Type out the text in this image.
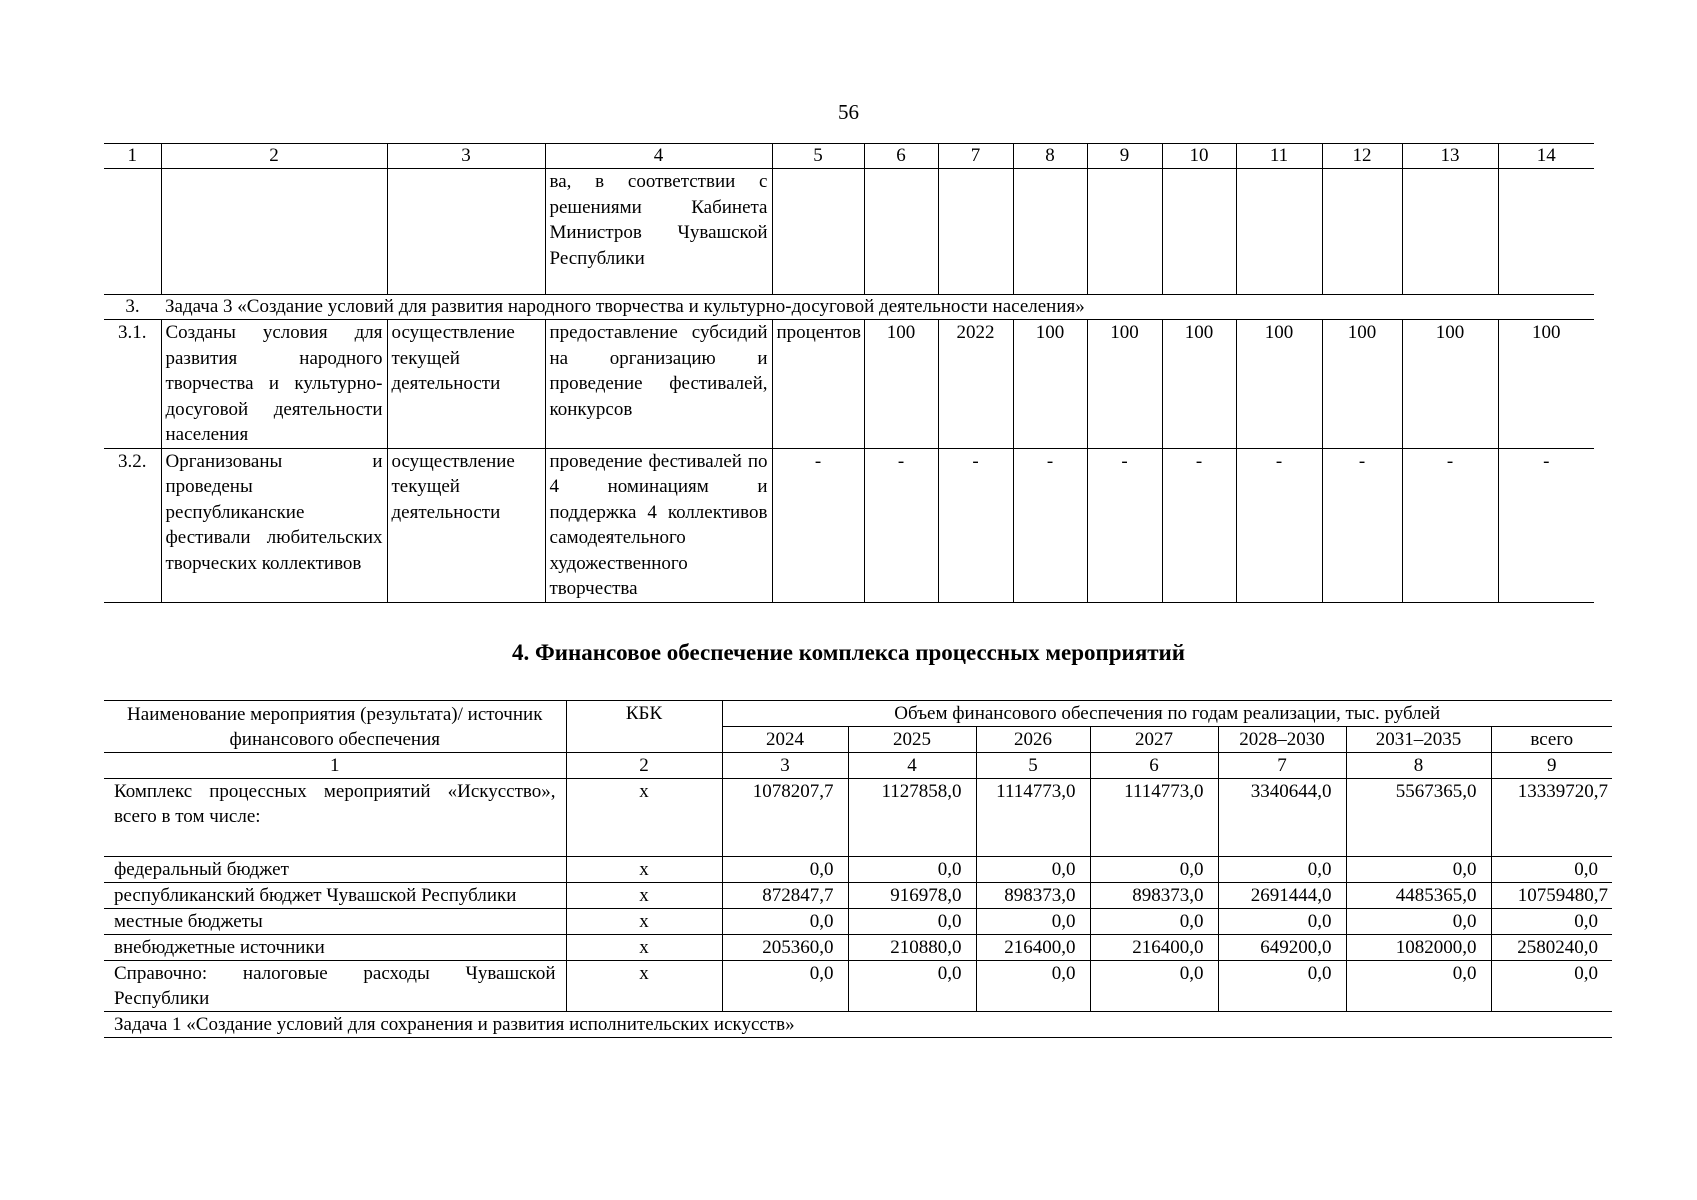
56
1	2	3	4	5	6	7	8	9	10	11	12	13	14
			ва, в соответствии с решениями Кабинета Министров Чувашской Республики										
3.	Задача 3 «Создание условий для развития народного творчества и культурно-досуговой деятельности населения»												
3.1.	Созданы условия для развития народного творчества и культурно-досуговой деятельности населения	осуществление текущей деятельности	предоставление субсидий на организацию и проведение фестивалей, конкурсов	процентов	100	2022	100	100	100	100	100	100	100
3.2.	Организованы и проведены республиканские фестивали любительских творческих коллективов	осуществление текущей деятельности	проведение фестивалей по 4 номинациям и поддержка 4 коллективов самодеятельного художественного творчества	-	-	-	-	-	-	-	-	-	-
4. Финансовое обеспечение комплекса процессных мероприятий
Наименование мероприятия (результата)/ источник финансового обеспечения	КБК	Объем финансового обеспечения по годам реализации, тыс. рублей						
		2024	2025	2026	2027	2028–2030	2031–2035	всего
1	2	3	4	5	6	7	8	9
Комплекс процессных мероприятий «Искусство», всего в том числе:	х	1078207,7	1127858,0	1114773,0	1114773,0	3340644,0	5567365,0	13339720,7
федеральный бюджет	х	0,0	0,0	0,0	0,0	0,0	0,0	0,0
республиканский бюджет Чувашской Республики	х	872847,7	916978,0	898373,0	898373,0	2691444,0	4485365,0	10759480,7
местные бюджеты	х	0,0	0,0	0,0	0,0	0,0	0,0	0,0
внебюджетные источники	х	205360,0	210880,0	216400,0	216400,0	649200,0	1082000,0	2580240,0
Справочно: налоговые расходы Чувашской Республики	х	0,0	0,0	0,0	0,0	0,0	0,0	0,0
Задача 1 «Создание условий для сохранения и развития исполнительских искусств»								
